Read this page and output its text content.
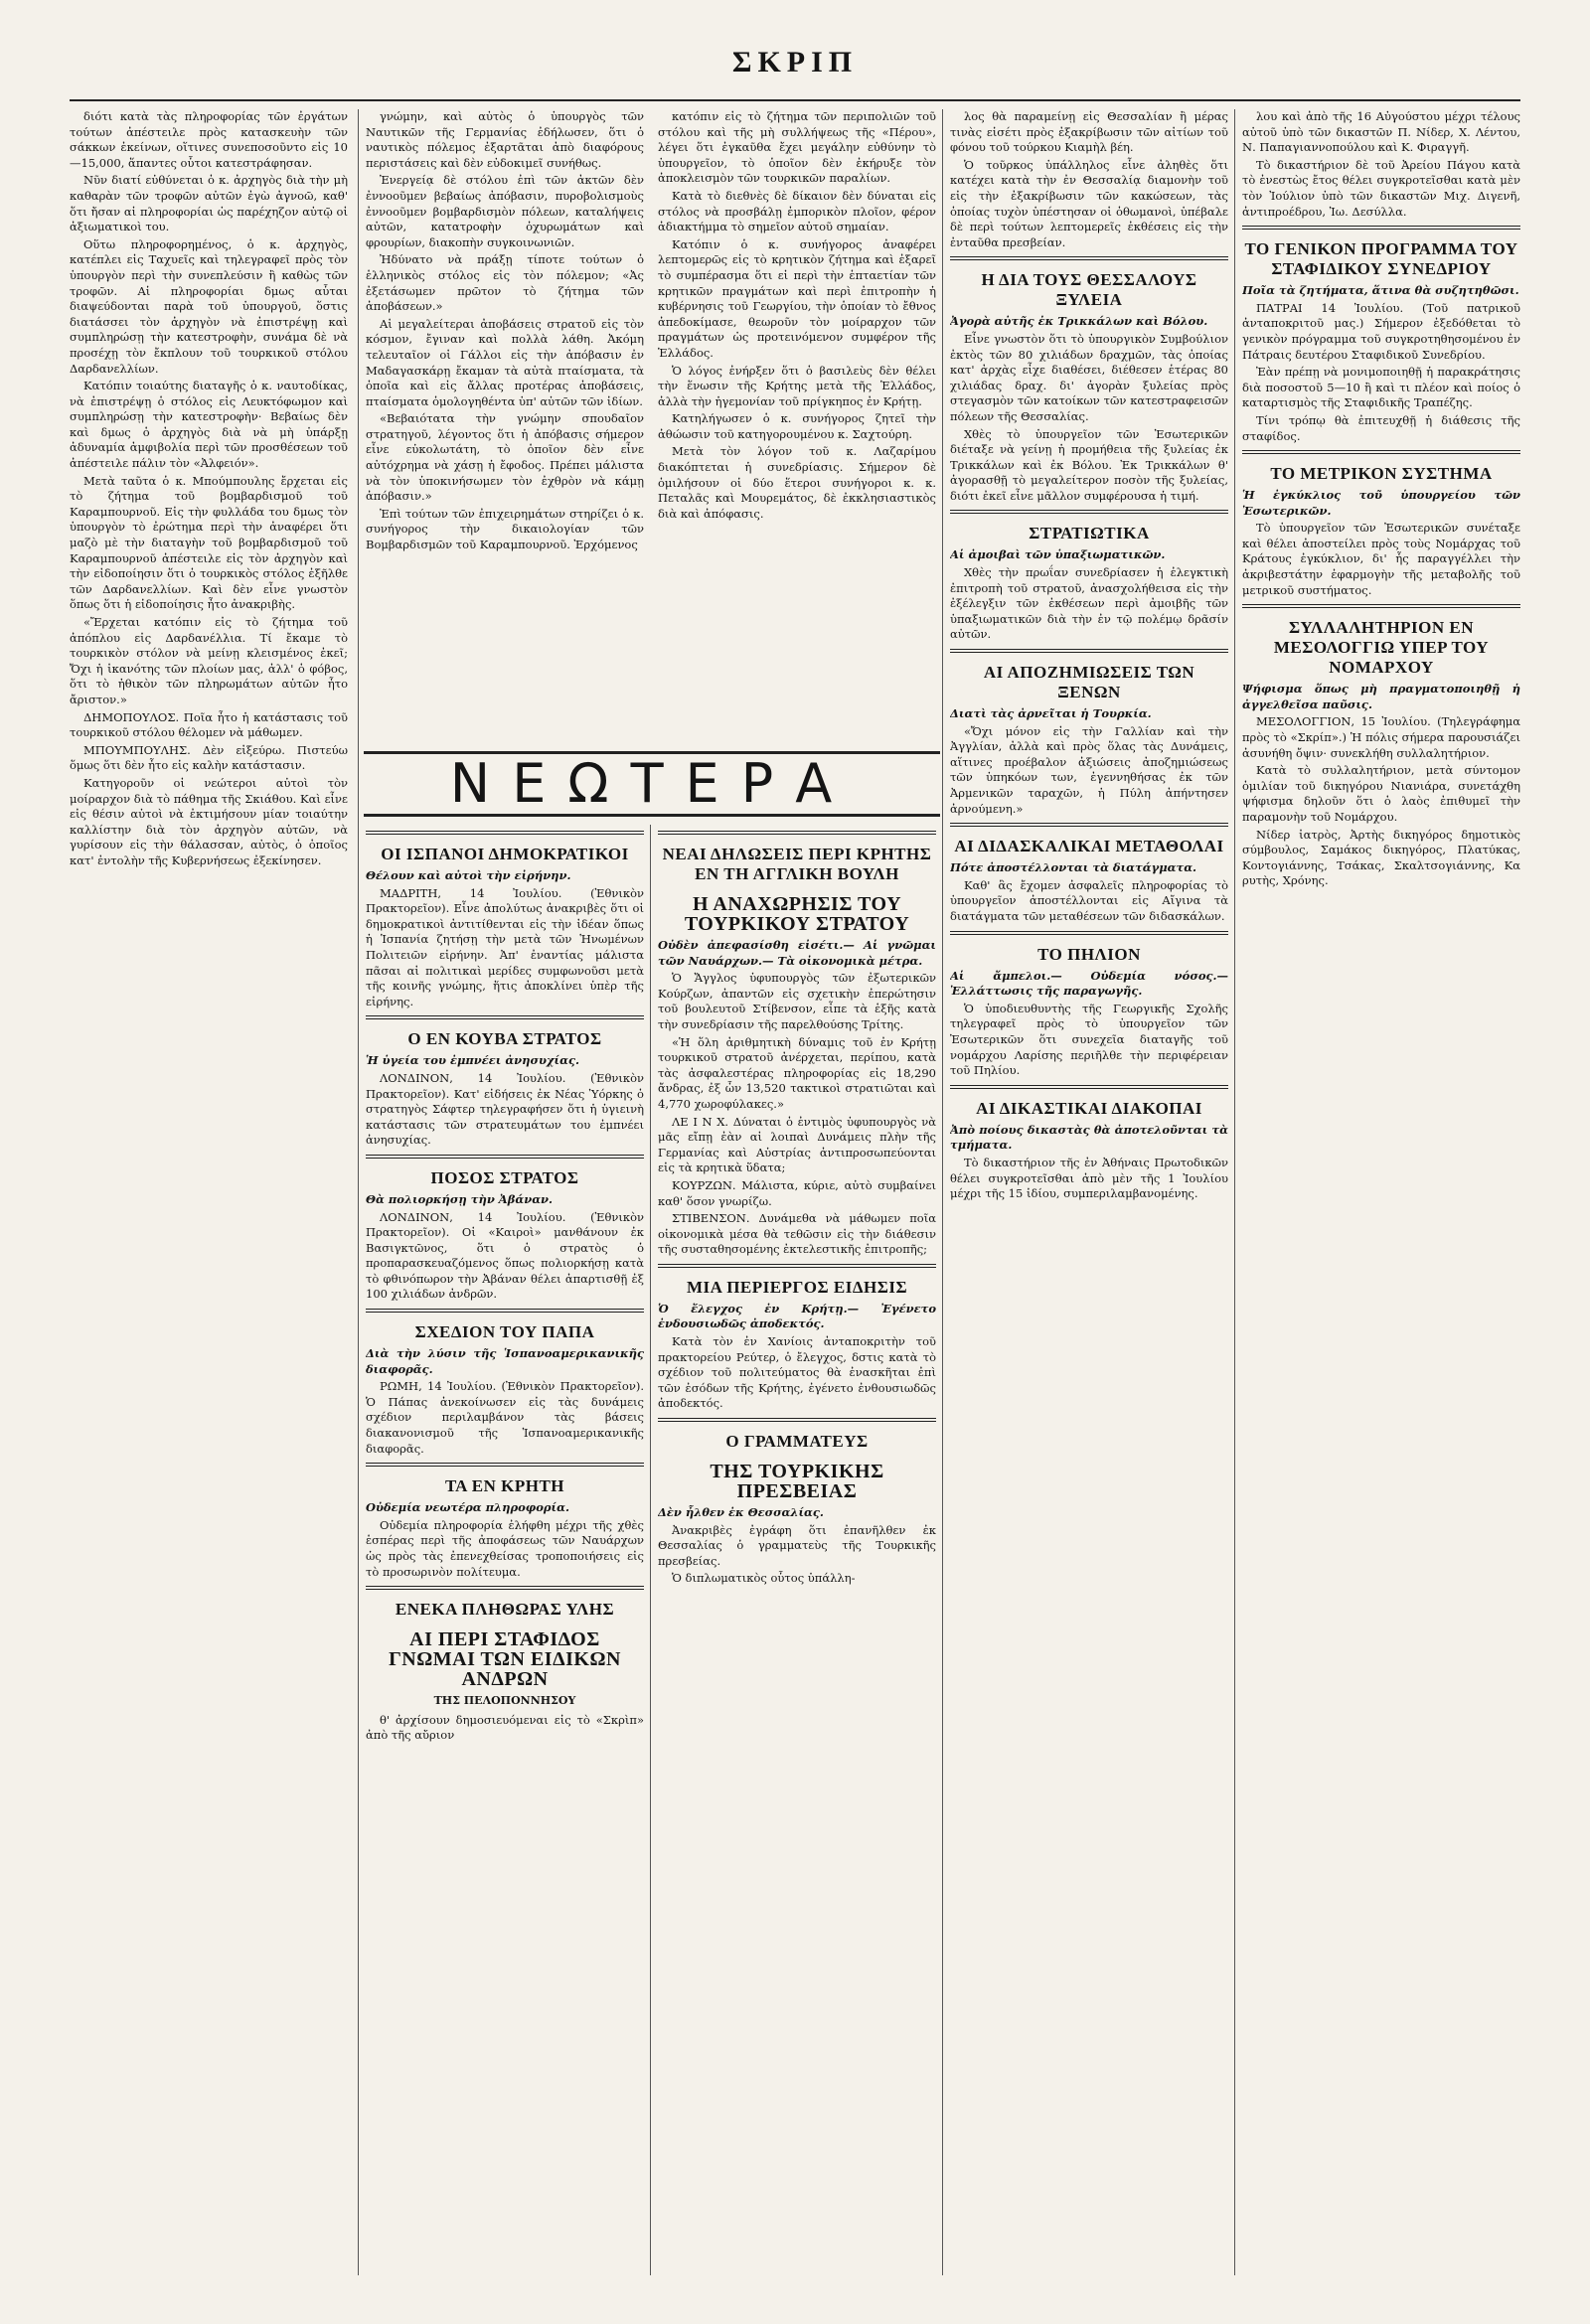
ΣΚΡΙΠ

διότι κατὰ τὰς πληροφορίας τῶν ἐργάτων τούτων ἀπέστειλε πρὸς κατασκευὴν τῶν σάκκων ἐκείνων, οἵτινες συνεποσοῦντο εἰς 10—15,000, ἅπαντες οὗτοι κατεστράφησαν.

Νῦν διατί εὐθύνεται ὁ κ. ἀρχηγὸς διὰ τὴν μὴ καθαρὰν τῶν τροφῶν αὐτῶν ἐγὼ ἀγνοῶ, καθ' ὅτι ἤσαν αἱ πληροφορίαι ὡς παρέχηζον αὐτῷ οἱ ἀξιωματικοὶ του.

Οὕτω πληροφορημένος, ὁ κ. ἀρχηγὸς, κατέπλει εἰς Ταχυεῖς καὶ τηλεγραφεῖ πρὸς τὸν ὑπουργὸν περὶ τὴν συνεπλεύσιν ἢ καθὼς τῶν τροφῶν. Αἱ πληροφορίαι δμως αὗται διαψεύδονται παρὰ τοῦ ὑπουργοῦ, ὅστις διατάσσει τὸν ἀρχηγὸν νὰ ἐπιστρέψῃ καὶ συμπληρώσῃ τὴν κατεστροφὴν, συνάμα δὲ νὰ προσέχῃ τὸν ἔκπλουν τοῦ τουρκικοῦ στόλου Δαρδανελλίων.

Κατόπιν τοιαύτης διαταγῆς ὁ κ. ναυτοδίκας, νὰ ἐπιστρέψῃ ὁ στόλος εἰς Λευκτόφωμον καὶ συμπληρώσῃ τὴν κατεστροφὴν· Βεβαίως δὲν καὶ δμως ὁ ἀρχηγὸς διὰ νὰ μὴ ὑπάρξῃ ἀδυναμία ἀμφιβολία περὶ τῶν προσθέσεων τοῦ ἀπέστειλε πάλιν τὸν «Ἀλφειόν».

Μετὰ ταῦτα ὁ κ. Μπούμπουλης ἔρχεται εἰς τὸ ζήτημα τοῦ βομβαρδισμοῦ τοῦ Καραμπουρνοῦ. Εἰς τὴν φυλλάδα του δμως τὸν ὑπουργὸν τὸ ἐρώτημα περὶ τὴν ἀναφέρει ὅτι μαζὸ μὲ τὴν διαταγὴν τοῦ βομβαρδισμοῦ τοῦ Καραμπουρνοῦ ἀπέστειλε εἰς τὸν ἀρχηγὸν καὶ τὴν εἰδοποίησιν ὅτι ὁ τουρκικὸς στόλος ἐξῆλθε τῶν Δαρδανελλίων. Καὶ δὲν εἶνε γνωστὸν ὅπως ὅτι ἡ εἰδοποίησις ἦτο ἀνακριβὴς.

«Ἔρχεται κατόπιν εἰς τὸ ζήτημα τοῦ ἀπόπλου εἰς Δαρδανέλλια. Τί ἔκαμε τὸ τουρκικὸν στόλον νὰ μείνῃ κλεισμένος ἐκεῖ; Ὄχι ἡ ἱκανότης τῶν πλοίων μας, ἀλλ' ὁ φόβος, ὅτι τὸ ἠθικὸν τῶν πληρωμάτων αὐτῶν ἦτο ἄριστον.»

ΔΗΜΟΠΟΥΛΟΣ. Ποῖα ἦτο ἡ κατάστασις τοῦ τουρκικοῦ στόλου θέλομεν νὰ μάθωμεν.

ΜΠΟΥΜΠΟΥΛΗΣ. Δὲν εἰξεύρω. Πιστεύω ὅμως ὅτι δὲν ἦτο εἰς καλὴν κατάστασιν.

Κατηγοροῦν οἱ νεώτεροι αὐτοὶ τὸν μοίραρχον διὰ τὸ πάθημα τῆς Σκιάθου. Καὶ εἶνε εἰς θέσιν αὐτοὶ νὰ ἐκτιμήσουν μίαν τοιαύτην καλλίστην διὰ τὸν ἀρχηγὸν αὐτῶν, νὰ γυρίσουν εἰς τὴν θάλασσαν, αὐτὸς, ὁ ὁποῖος κατ' ἐντολὴν τῆς Κυβερνήσεως ἐξεκίνησεν.

γνώμην, καὶ αὐτὸς ὁ ὑπουργὸς τῶν Ναυτικῶν τῆς Γερμανίας ἐδήλωσεν, ὅτι ὁ ναυτικὸς πόλεμος ἐξαρτᾶται ἀπὸ διαφόρους περιστάσεις καὶ δὲν εὐδοκιμεῖ συνήθως.

Ἐνεργείᾳ δὲ στόλου ἐπὶ τῶν ἀκτῶν δὲν ἐννοοῦμεν βεβαίως ἀπόβασιν, πυροβολισμοὺς ἐννοοῦμεν βομβαρδισμὸν πόλεων, καταλήψεις αὐτῶν, κατατροφὴν ὀχυρωμάτων καὶ φρουρίων, διακοπὴν συγκοινωνιῶν.

Ἠδύνατο νὰ πράξῃ τίποτε τούτων ὁ ἑλληνικὸς στόλος εἰς τὸν πόλεμον; «Ἀς ἐξετάσωμεν πρῶτον τὸ ζήτημα τῶν ἀποβάσεων.»

Αἱ μεγαλείτεραι ἀποβάσεις στρατοῦ εἰς τὸν κόσμον, ἔγιναν καὶ πολλὰ λάθη. Ἀκόμη τελευταῖον οἱ Γάλλοι εἰς τὴν ἀπόβασιν ἐν Μαδαγασκάρῃ ἔκαμαν τὰ αὐτὰ πταίσματα, τὰ ὁποῖα καὶ εἰς ἄλλας προτέρας ἀποβάσεις, πταίσματα ὁμολογηθέντα ὑπ' αὐτῶν τῶν ἰδίων.

«Βεβαιότατα τὴν γνώμην σπουδαῖον στρατηγοῦ, λέγοντος ὅτι ἡ ἀπόβασις σήμερον εἶνε εὐκολωτάτη, τὸ ὁποῖον δὲν εἶνε αὐτόχρημα νὰ χάσῃ ἡ ἔφοδος. Πρέπει μάλιστα νὰ τὸν ὑποκινήσωμεν τὸν ἐχθρὸν νὰ κάμῃ ἀπόβασιν.»

Ἐπὶ τούτων τῶν ἐπιχειρημάτων στηρίζει ὁ κ. συνήγορος τὴν δικαιολογίαν τῶν Βομβαρδισμῶν τοῦ Καραμπουρνοῦ. Ἐρχόμενος

κατόπιν εἰς τὸ ζήτημα τῶν περιπολιῶν τοῦ στόλου καὶ τῆς μὴ συλλήψεως τῆς «Πέρου», λέγει ὅτι ἐγκαῦθα ἔχει μεγάλην εὐθύνην τὸ ὑπουργεῖον, τὸ ὁποῖον δὲν ἐκήρυξε τὸν ἀποκλεισμὸν τῶν τουρκικῶν παραλίων.

Κατὰ τὸ διεθνὲς δὲ δίκαιον δὲν δύναται εἰς στόλος νὰ προσβάλῃ ἐμπορικὸν πλοῖον, φέρον ἀδιακτήμμα τὸ σημεῖον αὐτοῦ σημαίαν.

Κατόπιν ὁ κ. συνήγορος ἀναφέρει λεπτομερῶς εἰς τὸ κρητικὸν ζήτημα καὶ ἐξαρεῖ τὸ συμπέρασμα ὅτι εἰ περὶ τὴν ἑπταετίαν τῶν κρητικῶν πραγμάτων καὶ περὶ ἐπιτροπὴν ἡ κυβέρνησις τοῦ Γεωργίου, τὴν ὁποίαν τὸ ἔθνος ἀπεδοκίμασε, θεωροῦν τὸν μοίραρχον τῶν πραγμάτων ὡς προτεινόμενον συμφέρον τῆς Ἑλλάδος.

Ὁ λόγος ἐνήρξεν ὅτι ὁ βασιλεὺς δὲν θέλει τὴν ἕνωσιν τῆς Κρήτης μετὰ τῆς Ἑλλάδος, ἀλλὰ τὴν ἡγεμονίαν τοῦ πρίγκηπος ἐν Κρήτῃ.

Κατηλήγωσεν ὁ κ. συνήγορος ζητεῖ τὴν ἀθώωσιν τοῦ κατηγορουμένου κ. Σαχτούρη.

Μετὰ τὸν λόγον τοῦ κ. Λαζαρίμου διακόπτεται ἡ συνεδρίασις. Σήμερον δὲ ὁμιλήσουν οἱ δύο ἕτεροι συνήγοροι κ. κ. Πεταλᾶς καὶ Μουρεμάτος, δὲ ἐκκλησιαστικὸς διὰ καὶ ἀπόφασις.

ΝΕΩΤΕΡΑ
ΟΙ ΙΣΠΑΝΟΙ ΔΗΜΟΚΡΑΤΙΚΟΙ

Θέλουν καὶ αὐτοὶ τὴν εἰρήνην.

ΜΑΔΡΙΤΗ, 14 Ἰουλίου. (Ἐθνικὸν Πρακτορεῖον). Εἶνε ἀπολύτως ἀνακριβὲς ὅτι οἱ δημοκρατικοὶ ἀντιτίθενται εἰς τὴν ἰδέαν ὅπως ἡ Ἱσπανία ζητήσῃ τὴν μετὰ τῶν Ἡνωμένων Πολιτειῶν εἰρήνην. Ἀπ' ἐναντίας μάλιστα πᾶσαι αἱ πολιτικαὶ μερίδες συμφωνοῦσι μετὰ τῆς κοινῆς γνώμης, ἥτις ἀποκλίνει ὑπὲρ τῆς εἰρήνης.

Ο ΕΝ ΚΟΥΒΑ ΣΤΡΑΤΟΣ

Ἡ ὑγεία του ἐμπνέει ἀνησυχίας.

ΛΟΝΔΙΝΟΝ, 14 Ἰουλίου. (Ἐθνικὸν Πρακτορεῖον). Κατ' εἰδήσεις ἐκ Νέας Ὑόρκης ὁ στρατηγὸς Σάφτερ τηλεγραφήσεν ὅτι ἡ ὑγιεινὴ κατάστασις τῶν στρατευμάτων του ἐμπνέει ἀνησυχίας.

ΠΟΣΟΣ ΣΤΡΑΤΟΣ

Θὰ πολιορκήσῃ τὴν Ἀβάναν.

ΛΟΝΔΙΝΟΝ, 14 Ἰουλίου. (Ἐθνικὸν Πρακτορεῖον). Οἱ «Καιροὶ» μανθάνουν ἐκ Βασιγκτῶνος, ὅτι ὁ στρατὸς ὁ προπαρασκευαζόμενος ὅπως πολιορκήσῃ κατὰ τὸ φθινόπωρον τὴν Ἀβάναν θέλει ἀπαρτισθῇ ἐξ 100 χιλιάδων ἀνδρῶν.

ΣΧΕΔΙΟΝ ΤΟΥ ΠΑΠΑ

Διὰ τὴν λύσιν τῆς Ἱσπανοαμερικανικῆς διαφορᾶς.

ΡΩΜΗ, 14 Ἰουλίου. (Ἐθνικὸν Πρακτορεῖον). Ὁ Πάπας ἀνεκοίνωσεν εἰς τὰς δυνάμεις σχέδιον περιλαμβάνον τὰς βάσεις διακανονισμοῦ τῆς Ἱσπανοαμερικανικῆς διαφορᾶς.

ΤΑ ΕΝ ΚΡΗΤΗ

Οὐδεμία νεωτέρα πληροφορία.

Οὐδεμία πληροφορία ἐλήφθη μέχρι τῆς χθὲς ἑσπέρας περὶ τῆς ἀποφάσεως τῶν Ναυάρχων ὡς πρὸς τὰς ἐπενεχθείσας τροποποιήσεις εἰς τὸ προσωρινὸν πολίτευμα.

ΕΝΕΚΑ ΠΛΗΘΩΡΑΣ ΥΛΗΣ
ΑΙ ΠΕΡΙ ΣΤΑΦΙΔΟΣ ΓΝΩΜΑΙ ΤΩΝ ΕΙΔΙΚΩΝ ΑΝΔΡΩΝ
ΤΗΣ ΠΕΛΟΠΟΝΝΗΣΟΥ

θ' ἀρχίσουν δημοσιευόμεναι εἰς τὸ «Σκρὶπ» ἀπὸ τῆς αὔριον

ΝΕΑΙ ΔΗΛΩΣΕΙΣ ΠΕΡΙ ΚΡΗΤΗΣ ΕΝ ΤΗ ΑΓΓΛΙΚΗ ΒΟΥΛΗ
Η ΑΝΑΧΩΡΗΣΙΣ ΤΟΥ ΤΟΥΡΚΙΚΟΥ ΣΤΡΑΤΟΥ

Οὐδὲν ἀπεφασίσθη εἰσέτι.— Αἱ γνῶμαι τῶν Ναυάρχων.— Τὰ οἰκονομικὰ μέτρα.

Ὁ Ἄγγλος ὑφυπουργὸς τῶν ἐξωτερικῶν Κούρζων, ἀπαντῶν εἰς σχετικὴν ἐπερώτησιν τοῦ βουλευτοῦ Στίβενσον, εἶπε τὰ ἑξῆς κατὰ τὴν συνεδρίασιν τῆς παρελθούσης Τρίτης.

«Ἡ ὅλη ἀριθμητικὴ δύναμις τοῦ ἐν Κρήτῃ τουρκικοῦ στρατοῦ ἀνέρχεται, περίπου, κατὰ τὰς ἀσφαλεστέρας πληροφορίας εἰς 18,290 ἄνδρας, ἐξ ὧν 13,520 τακτικοὶ στρατιῶται καὶ 4,770 χωροφύλακες.»

ΛΕ Ι Ν Χ. Δύναται ὁ ἐντιμὸς ὑφυπουργὸς νὰ μᾶς εἴπῃ ἐὰν αἱ λοιπαὶ Δυνάμεις πλὴν τῆς Γερμανίας καὶ Αὐστρίας ἀντιπροσωπεύονται εἰς τὰ κρητικὰ ὕδατα;

ΚΟΥΡΖΩΝ. Μάλιστα, κύριε, αὐτὸ συμβαίνει καθ' ὅσον γνωρίζω.

ΣΤΙΒΕΝΣΟΝ. Δυνάμεθα νὰ μάθωμεν ποῖα οἰκονομικὰ μέσα θὰ τεθῶσιν εἰς τὴν διάθεσιν τῆς συσταθησομένης ἐκτελεστικῆς ἐπιτροπῆς;

ΜΙΑ ΠΕΡΙΕΡΓΟΣ ΕΙΔΗΣΙΣ

Ὁ ἔλεγχος ἐν Κρήτῃ.— Ἐγένετο ἐνδουσιωδῶς ἀποδεκτός.

Κατὰ τὸν ἐν Χανίοις ἀνταποκριτὴν τοῦ πρακτορείου Ρεύτερ, ὁ ἔλεγχος, δστις κατὰ τὸ σχέδιον τοῦ πολιτεύματος θὰ ἐνασκῆται ἐπὶ τῶν ἐσόδων τῆς Κρήτης, ἐγένετο ἐνθουσιωδῶς ἀποδεκτός.

Ο ΓΡΑΜΜΑΤΕΥΣ
ΤΗΣ ΤΟΥΡΚΙΚΗΣ ΠΡΕΣΒΕΙΑΣ

Δὲν ἦλθεν ἐκ Θεσσαλίας.

Ἀνακριβὲς ἐγράφη ὅτι ἐπανῆλθεν ἐκ Θεσσαλίας ὁ γραμματεὺς τῆς Τουρκικῆς πρεσβείας.

Ὁ διπλωματικὸς οὗτος ὑπάλλη-

λος θὰ παραμείνῃ εἰς Θεσσαλίαν ἢ μέρας τινὰς εἰσέτι πρὸς ἐξακρίβωσιν τῶν αἰτίων τοῦ φόνου τοῦ τούρκου Κιαμὴλ βέη.

Ὁ τοῦρκος ὑπάλληλος εἶνε ἀληθὲς ὅτι κατέχει κατὰ τὴν ἐν Θεσσαλίᾳ διαμονὴν τοῦ εἰς τὴν ἐξακρίβωσιν τῶν κακώσεων, τὰς ὁποίας τυχὸν ὑπέστησαν οἱ ὁθωμανοὶ, ὑπέβαλε δὲ περὶ τούτων λεπτομερεῖς ἐκθέσεις εἰς τὴν ἐνταῦθα πρεσβείαν.

Η ΔΙΑ ΤΟΥΣ ΘΕΣΣΑΛΟΥΣ ΞΥΛΕΙΑ

Ἀγορὰ αὐτῆς ἐκ Τρικκάλων καὶ Βόλου.

Εἶνε γνωστὸν ὅτι τὸ ὑπουργικὸν Συμβούλιον ἐκτὸς τῶν 80 χιλιάδων δραχμῶν, τὰς ὁποίας κατ' ἀρχὰς εἶχε διαθέσει, διέθεσεν ἑτέρας 80 χιλιάδας δραχ. δι' ἀγορὰν ξυλείας πρὸς στεγασμὸν τῶν κατοίκων τῶν κατεστραφεισῶν πόλεων τῆς Θεσσαλίας.

Χθὲς τὸ ὑπουργεῖον τῶν Ἐσωτερικῶν διέταξε νὰ γείνῃ ἡ προμήθεια τῆς ξυλείας ἐκ Τρικκάλων καὶ ἐκ Βόλου. Ἐκ Τρικκάλων θ' ἀγορασθῇ τὸ μεγαλείτερον ποσὸν τῆς ξυλείας, διότι ἐκεῖ εἶνε μᾶλλον συμφέρουσα ἡ τιμή.

ΣΤΡΑΤΙΩΤΙΚΑ

Αἱ ἀμοιβαὶ τῶν ὑπαξιωματικῶν.

Χθὲς τὴν πρωΐαν συνεδρίασεν ἡ ἐλεγκτικὴ ἐπιτροπὴ τοῦ στρατοῦ, ἀνασχολήθεισα εἰς τὴν ἐξέλεγξιν τῶν ἐκθέσεων περὶ ἀμοιβῆς τῶν ὑπαξιωματικῶν διὰ τὴν ἐν τῷ πολέμῳ δρᾶσίν αὐτῶν.

ΑΙ ΑΠΟΖΗΜΙΩΣΕΙΣ ΤΩΝ ΞΕΝΩΝ

Διατὶ τὰς ἀρνεῖται ἡ Τουρκία.

«Ὄχι μόνον εἰς τὴν Γαλλίαν καὶ τὴν Ἀγγλίαν, ἀλλὰ καὶ πρὸς ὅλας τὰς Δυνάμεις, αἵτινες προέβαλον ἀξιώσεις ἀποζημιώσεως τῶν ὑπηκόων των, ἐγεννηθήσας ἐκ τῶν Ἀρμενικῶν ταραχῶν, ἡ Πύλη ἀπήντησεν ἀρνούμενη.»

ΑΙ ΔΙΔΑΣΚΑΛΙΚΑΙ ΜΕΤΑΘΟΛΑΙ

Πότε ἀποστέλλονται τὰ διατάγματα.

Καθ' ἃς ἔχομεν ἀσφαλεῖς πληροφορίας τὸ ὑπουργεῖον ἀποστέλλονται εἰς Αἴγινα τὰ διατάγματα τῶν μεταθέσεων τῶν διδασκάλων.

ΤΟ ΠΗΛΙΟΝ

Αἱ ἄμπελοι.— Οὐδεμία νόσος.— Ἐλλάττωσις τῆς παραγωγῆς.

Ὁ ὑποδιευθυντὴς τῆς Γεωργικῆς Σχολῆς τηλεγραφεῖ πρὸς τὸ ὑπουργεῖον τῶν Ἐσωτερικῶν ὅτι συνεχεῖα διαταγῆς τοῦ νομάρχου Λαρίσης περιῆλθε τὴν περιφέρειαν τοῦ Πηλίου.

ΑΙ ΔΙΚΑΣΤΙΚΑΙ ΔΙΑΚΟΠΑΙ

Ἀπὸ ποίους δικαστὰς θὰ ἀποτελοῦνται τὰ τμήματα.

Τὸ δικαστήριον τῆς ἐν Ἀθήναις Πρωτοδικῶν θέλει συγκροτεῖσθαι ἀπὸ μὲν τῆς 1 Ἰουλίου μέχρι τῆς 15 ἰδίου, συμπεριλαμβανομένης.

λου καὶ ἀπὸ τῆς 16 Αὐγούστου μέχρι τέλους αὐτοῦ ὑπὸ τῶν δικαστῶν Π. Νίδερ, Χ. Λέντου, Ν. Παπαγιαννοπούλου καὶ Κ. Φιραγγῆ.

Τὸ δικαστήριον δὲ τοῦ Ἀρείου Πάγου κατὰ τὸ ἐνεστὼς ἔτος θέλει συγκροτεῖσθαι κατὰ μὲν τὸν Ἰούλιον ὑπὸ τῶν δικαστῶν Μιχ. Διγενῆ, ἀντιπροέδρου, Ἰω. Δεσύλλα.

ΤΟ ΓΕΝΙΚΟΝ ΠΡΟΓΡΑΜΜΑ ΤΟΥ ΣΤΑΦΙΔΙΚΟΥ ΣΥΝΕΔΡΙΟΥ

Ποῖα τὰ ζητήματα, ἅτινα θὰ συζητηθῶσι.

ΠΑΤΡΑΙ 14 Ἰουλίου. (Τοῦ πατρικοῦ ἀνταποκριτοῦ μας.) Σήμερον ἐξεδόθεται τὸ γενικὸν πρόγραμμα τοῦ συγκροτηθησομένου ἐν Πάτραις δευτέρου Σταφιδικοῦ Συνεδρίου.

Ἐὰν πρέπῃ νὰ μονιμοποιηθῇ ἡ παρακράτησις διὰ ποσοστοῦ 5—10 ἢ καὶ τι πλέον καὶ ποίος ὁ καταρτισμὸς τῆς Σταφιδικῆς Τραπέζης.

Τίνι τρόπῳ θὰ ἐπιτευχθῇ ἡ διάθεσις τῆς σταφίδος.

ΤΟ ΜΕΤΡΙΚΟΝ ΣΥΣΤΗΜΑ

Ἡ ἐγκύκλιος τοῦ ὑπουργείου τῶν Ἐσωτερικῶν.

Τὸ ὑπουργεῖον τῶν Ἐσωτερικῶν συνέταξε καὶ θέλει ἀποστείλει πρὸς τοὺς Νομάρχας τοῦ Κράτους ἐγκύκλιον, δι' ἧς παραγγέλλει τὴν ἀκριβεστάτην ἐφαρμογὴν τῆς μεταβολῆς τοῦ μετρικοῦ συστήματος.

ΣΥΛΛΑΛΗΤΗΡΙΟΝ ΕΝ ΜΕΣΟΛΟΓΓΙΩ ΥΠΕΡ ΤΟΥ ΝΟΜΑΡΧΟΥ

Ψήφισμα ὅπως μὴ πραγματοποιηθῇ ἡ ἀγγελθεῖσα παῦσις.

ΜΕΣΟΛΟΓΓΙΟΝ, 15 Ἰουλίου. (Τηλεγράφημα πρὸς τὸ «Σκρίπ».) Ἡ πόλις σήμερα παρουσιάζει ἀσυνήθη ὄψιν· συνεκλήθη συλλαλητήριον.

Κατὰ τὸ συλλαλητήριον, μετὰ σύντομον ὁμιλίαν τοῦ δικηγόρου Νιανιάρα, συνετάχθη ψήφισμα δηλοῦν ὅτι ὁ λαὸς ἐπιθυμεῖ τὴν παραμονὴν τοῦ Νομάρχου.

Νίδερ ἰατρὸς, Ἀρτὴς δικηγόρος δημοτικὸς σύμβουλος, Σαμάκος δικηγόρος, Πλατύκας, Κοντογιάννης, Τσάκας, Σκαλτσογιάννης, Κα ρυτὴς, Χρόνης.
